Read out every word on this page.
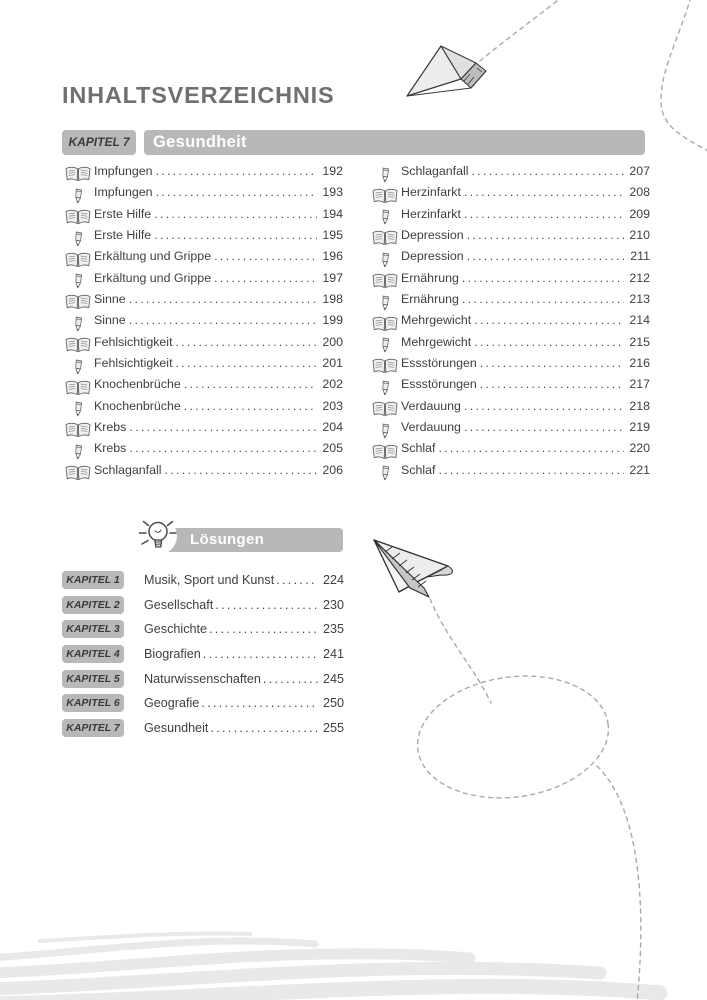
INHALTSVERZEICHNIS
KAPITEL 7	Gesundheit
Impfungen .....	192
Impfungen .....	193
Erste Hilfe .....	194
Erste Hilfe .....	195
Erkältung und Grippe .....	196
Erkältung und Grippe .....	197
Sinne .....	198
Sinne .....	199
Fehlsichtigkeit .....	200
Fehlsichtigkeit .....	201
Knochenbrüche .....	202
Knochenbrüche .....	203
Krebs .....	204
Krebs .....	205
Schlaganfall .....	206
Schlaganfall .....	207
Herzinfarkt .....	208
Herzinfarkt .....	209
Depression .....	210
Depression .....	211
Ernährung .....	212
Ernährung .....	213
Mehrgewicht .....	214
Mehrgewicht .....	215
Essstörungen .....	216
Essstörungen .....	217
Verdauung .....	218
Verdauung .....	219
Schlaf .....	220
Schlaf .....	221
Lösungen
KAPITEL 1	Musik, Sport und Kunst .....	224
KAPITEL 2	Gesellschaft .....	230
KAPITEL 3	Geschichte .....	235
KAPITEL 4	Biografien .....	241
KAPITEL 5	Naturwissenschaften .....	245
KAPITEL 6	Geografie .....	250
KAPITEL 7	Gesundheit .....	255
